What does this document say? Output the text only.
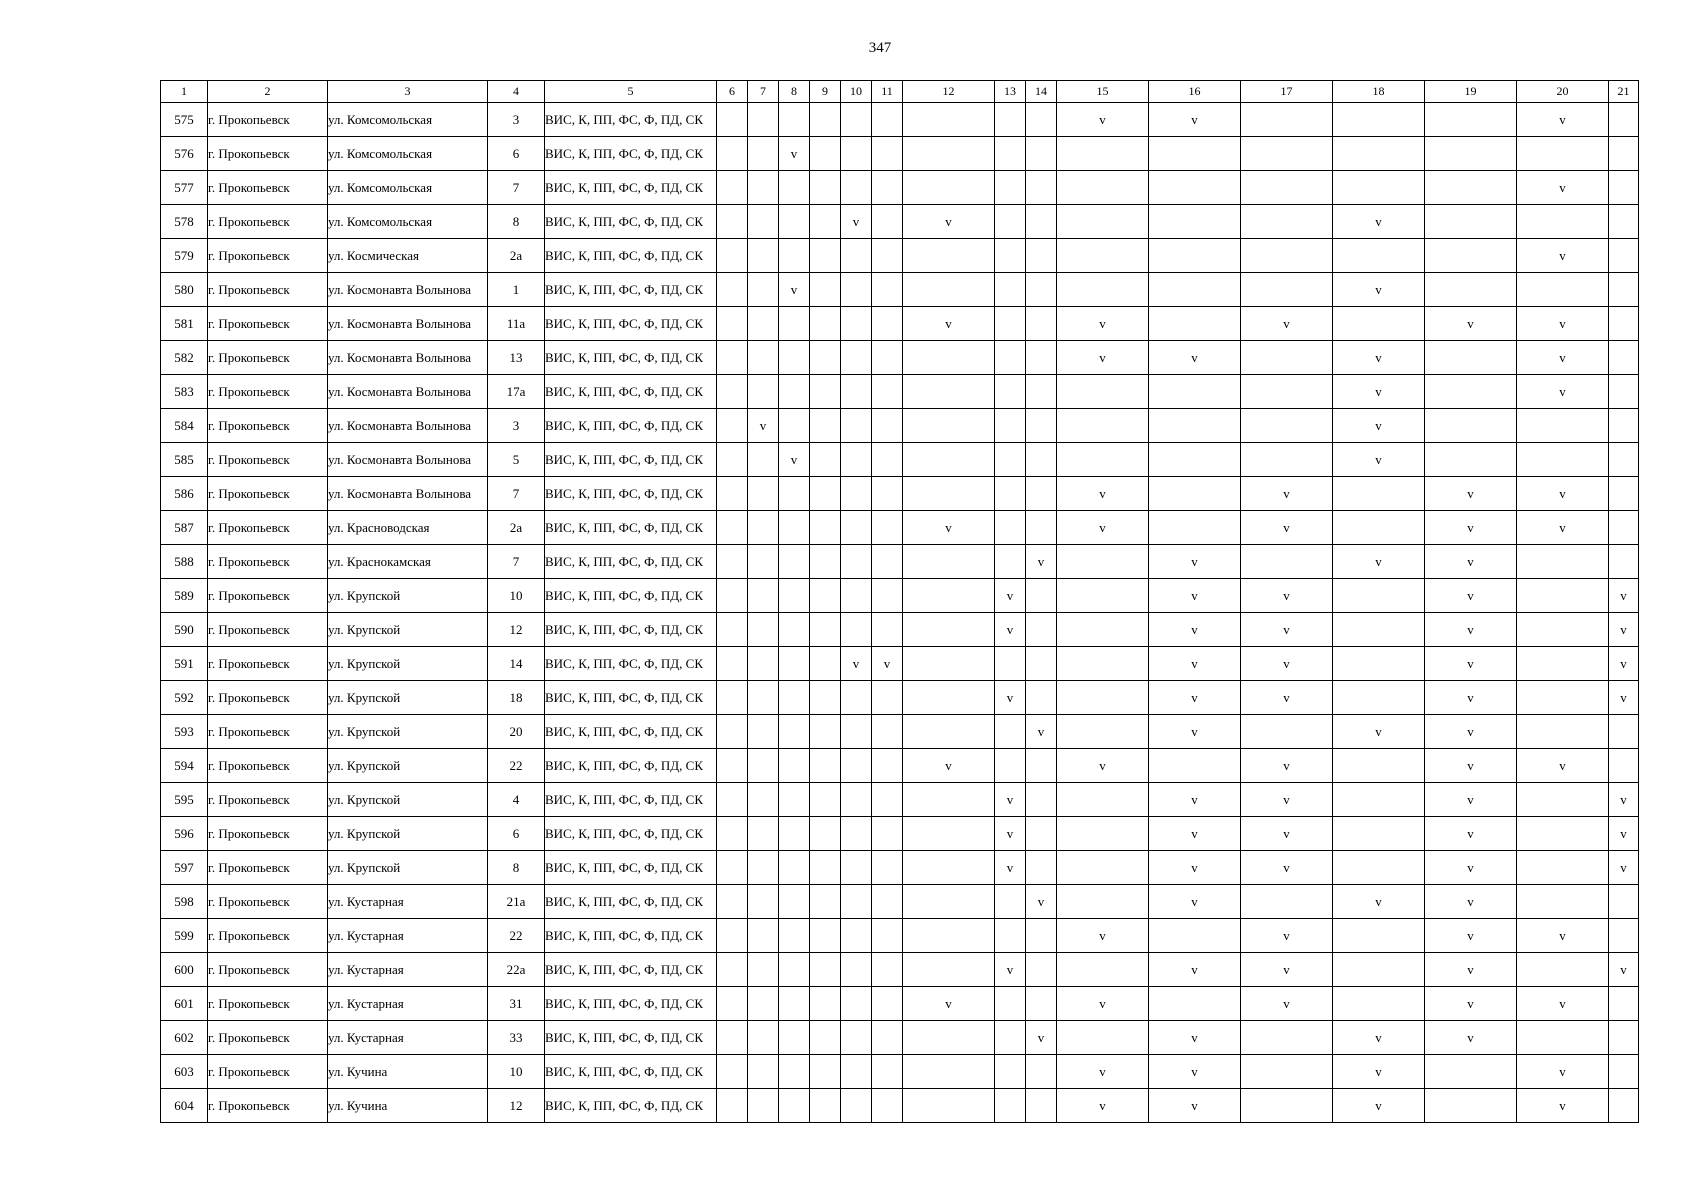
347
1	2	3	4	5	6	7	8	9	10	11	12	13	14	15	16	17	18	19	20	21
575	г. Прокопьевск	ул. Комсомольская	3	ВИС, К, ПП, ФС, Ф, ПД, СК										v	v				v	
576	г. Прокопьевск	ул. Комсомольская	6	ВИС, К, ПП, ФС, Ф, ПД, СК			v													
577	г. Прокопьевск	ул. Комсомольская	7	ВИС, К, ПП, ФС, Ф, ПД, СК															v	
578	г. Прокопьевск	ул. Комсомольская	8	ВИС, К, ПП, ФС, Ф, ПД, СК					v		v						v			
579	г. Прокопьевск	ул. Космическая	2а	ВИС, К, ПП, ФС, Ф, ПД, СК															v	
580	г. Прокопьевск	ул. Космонавта Волынова	1	ВИС, К, ПП, ФС, Ф, ПД, СК			v										v			
581	г. Прокопьевск	ул. Космонавта Волынова	11а	ВИС, К, ПП, ФС, Ф, ПД, СК							v			v		v		v	v	
582	г. Прокопьевск	ул. Космонавта Волынова	13	ВИС, К, ПП, ФС, Ф, ПД, СК										v	v		v		v	
583	г. Прокопьевск	ул. Космонавта Волынова	17а	ВИС, К, ПП, ФС, Ф, ПД, СК													v		v	
584	г. Прокопьевск	ул. Космонавта Волынова	3	ВИС, К, ПП, ФС, Ф, ПД, СК		v											v			
585	г. Прокопьевск	ул. Космонавта Волынова	5	ВИС, К, ПП, ФС, Ф, ПД, СК			v										v			
586	г. Прокопьевск	ул. Космонавта Волынова	7	ВИС, К, ПП, ФС, Ф, ПД, СК										v		v		v	v	
587	г. Прокопьевск	ул. Красноводская	2а	ВИС, К, ПП, ФС, Ф, ПД, СК							v			v		v		v	v	
588	г. Прокопьевск	ул. Краснокамская	7	ВИС, К, ПП, ФС, Ф, ПД, СК									v		v		v	v		
589	г. Прокопьевск	ул. Крупской	10	ВИС, К, ПП, ФС, Ф, ПД, СК								v			v	v		v		v
590	г. Прокопьевск	ул. Крупской	12	ВИС, К, ПП, ФС, Ф, ПД, СК								v			v	v		v		v
591	г. Прокопьевск	ул. Крупской	14	ВИС, К, ПП, ФС, Ф, ПД, СК					v	v					v	v		v		v
592	г. Прокопьевск	ул. Крупской	18	ВИС, К, ПП, ФС, Ф, ПД, СК								v			v	v		v		v
593	г. Прокопьевск	ул. Крупской	20	ВИС, К, ПП, ФС, Ф, ПД, СК									v		v		v	v		
594	г. Прокопьевск	ул. Крупской	22	ВИС, К, ПП, ФС, Ф, ПД, СК							v			v		v		v	v	
595	г. Прокопьевск	ул. Крупской	4	ВИС, К, ПП, ФС, Ф, ПД, СК								v			v	v		v		v
596	г. Прокопьевск	ул. Крупской	6	ВИС, К, ПП, ФС, Ф, ПД, СК								v			v	v		v		v
597	г. Прокопьевск	ул. Крупской	8	ВИС, К, ПП, ФС, Ф, ПД, СК								v			v	v		v		v
598	г. Прокопьевск	ул. Кустарная	21а	ВИС, К, ПП, ФС, Ф, ПД, СК									v		v		v	v		
599	г. Прокопьевск	ул. Кустарная	22	ВИС, К, ПП, ФС, Ф, ПД, СК										v		v		v	v	
600	г. Прокопьевск	ул. Кустарная	22а	ВИС, К, ПП, ФС, Ф, ПД, СК								v			v	v		v		v
601	г. Прокопьевск	ул. Кустарная	31	ВИС, К, ПП, ФС, Ф, ПД, СК							v			v		v		v	v	
602	г. Прокопьевск	ул. Кустарная	33	ВИС, К, ПП, ФС, Ф, ПД, СК									v		v		v	v		
603	г. Прокопьевск	ул. Кучина	10	ВИС, К, ПП, ФС, Ф, ПД, СК										v	v		v		v	
604	г. Прокопьевск	ул. Кучина	12	ВИС, К, ПП, ФС, Ф, ПД, СК										v	v		v		v	
